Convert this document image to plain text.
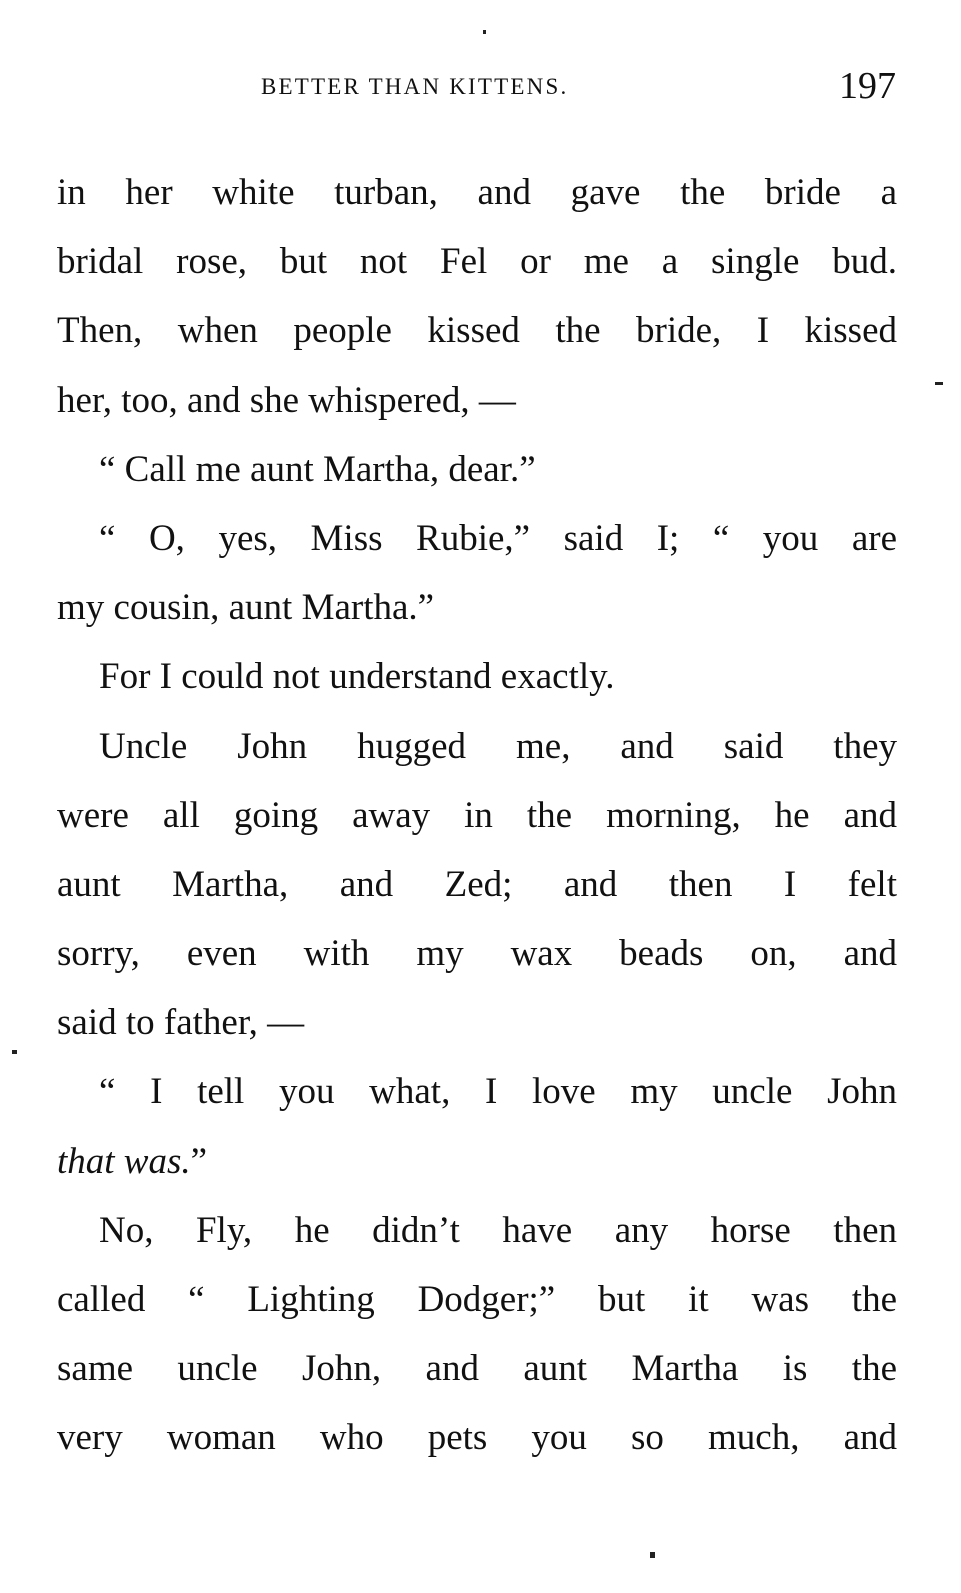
BETTER THAN KITTENS.	197
in her white turban, and gave the bride a
bridal rose, but not Fel or me a single bud.
Then, when people kissed the bride, I kissed
her, too, and she whispered, —
“ Call me aunt Martha, dear.”
“ O, yes, Miss Rubie,” said I; “ you are
my cousin, aunt Martha.”
For I could not understand exactly.
Uncle John hugged me, and said they
were all going away in the morning, he and
aunt Martha, and Zed; and then I felt
sorry, even with my wax beads on, and
said to father, —
“ I tell you what, I love my uncle John
that was.”
No, Fly, he didn’t have any horse then
called “ Lighting Dodger;” but it was the
same uncle John, and aunt Martha is the
very woman who pets you so much, and
